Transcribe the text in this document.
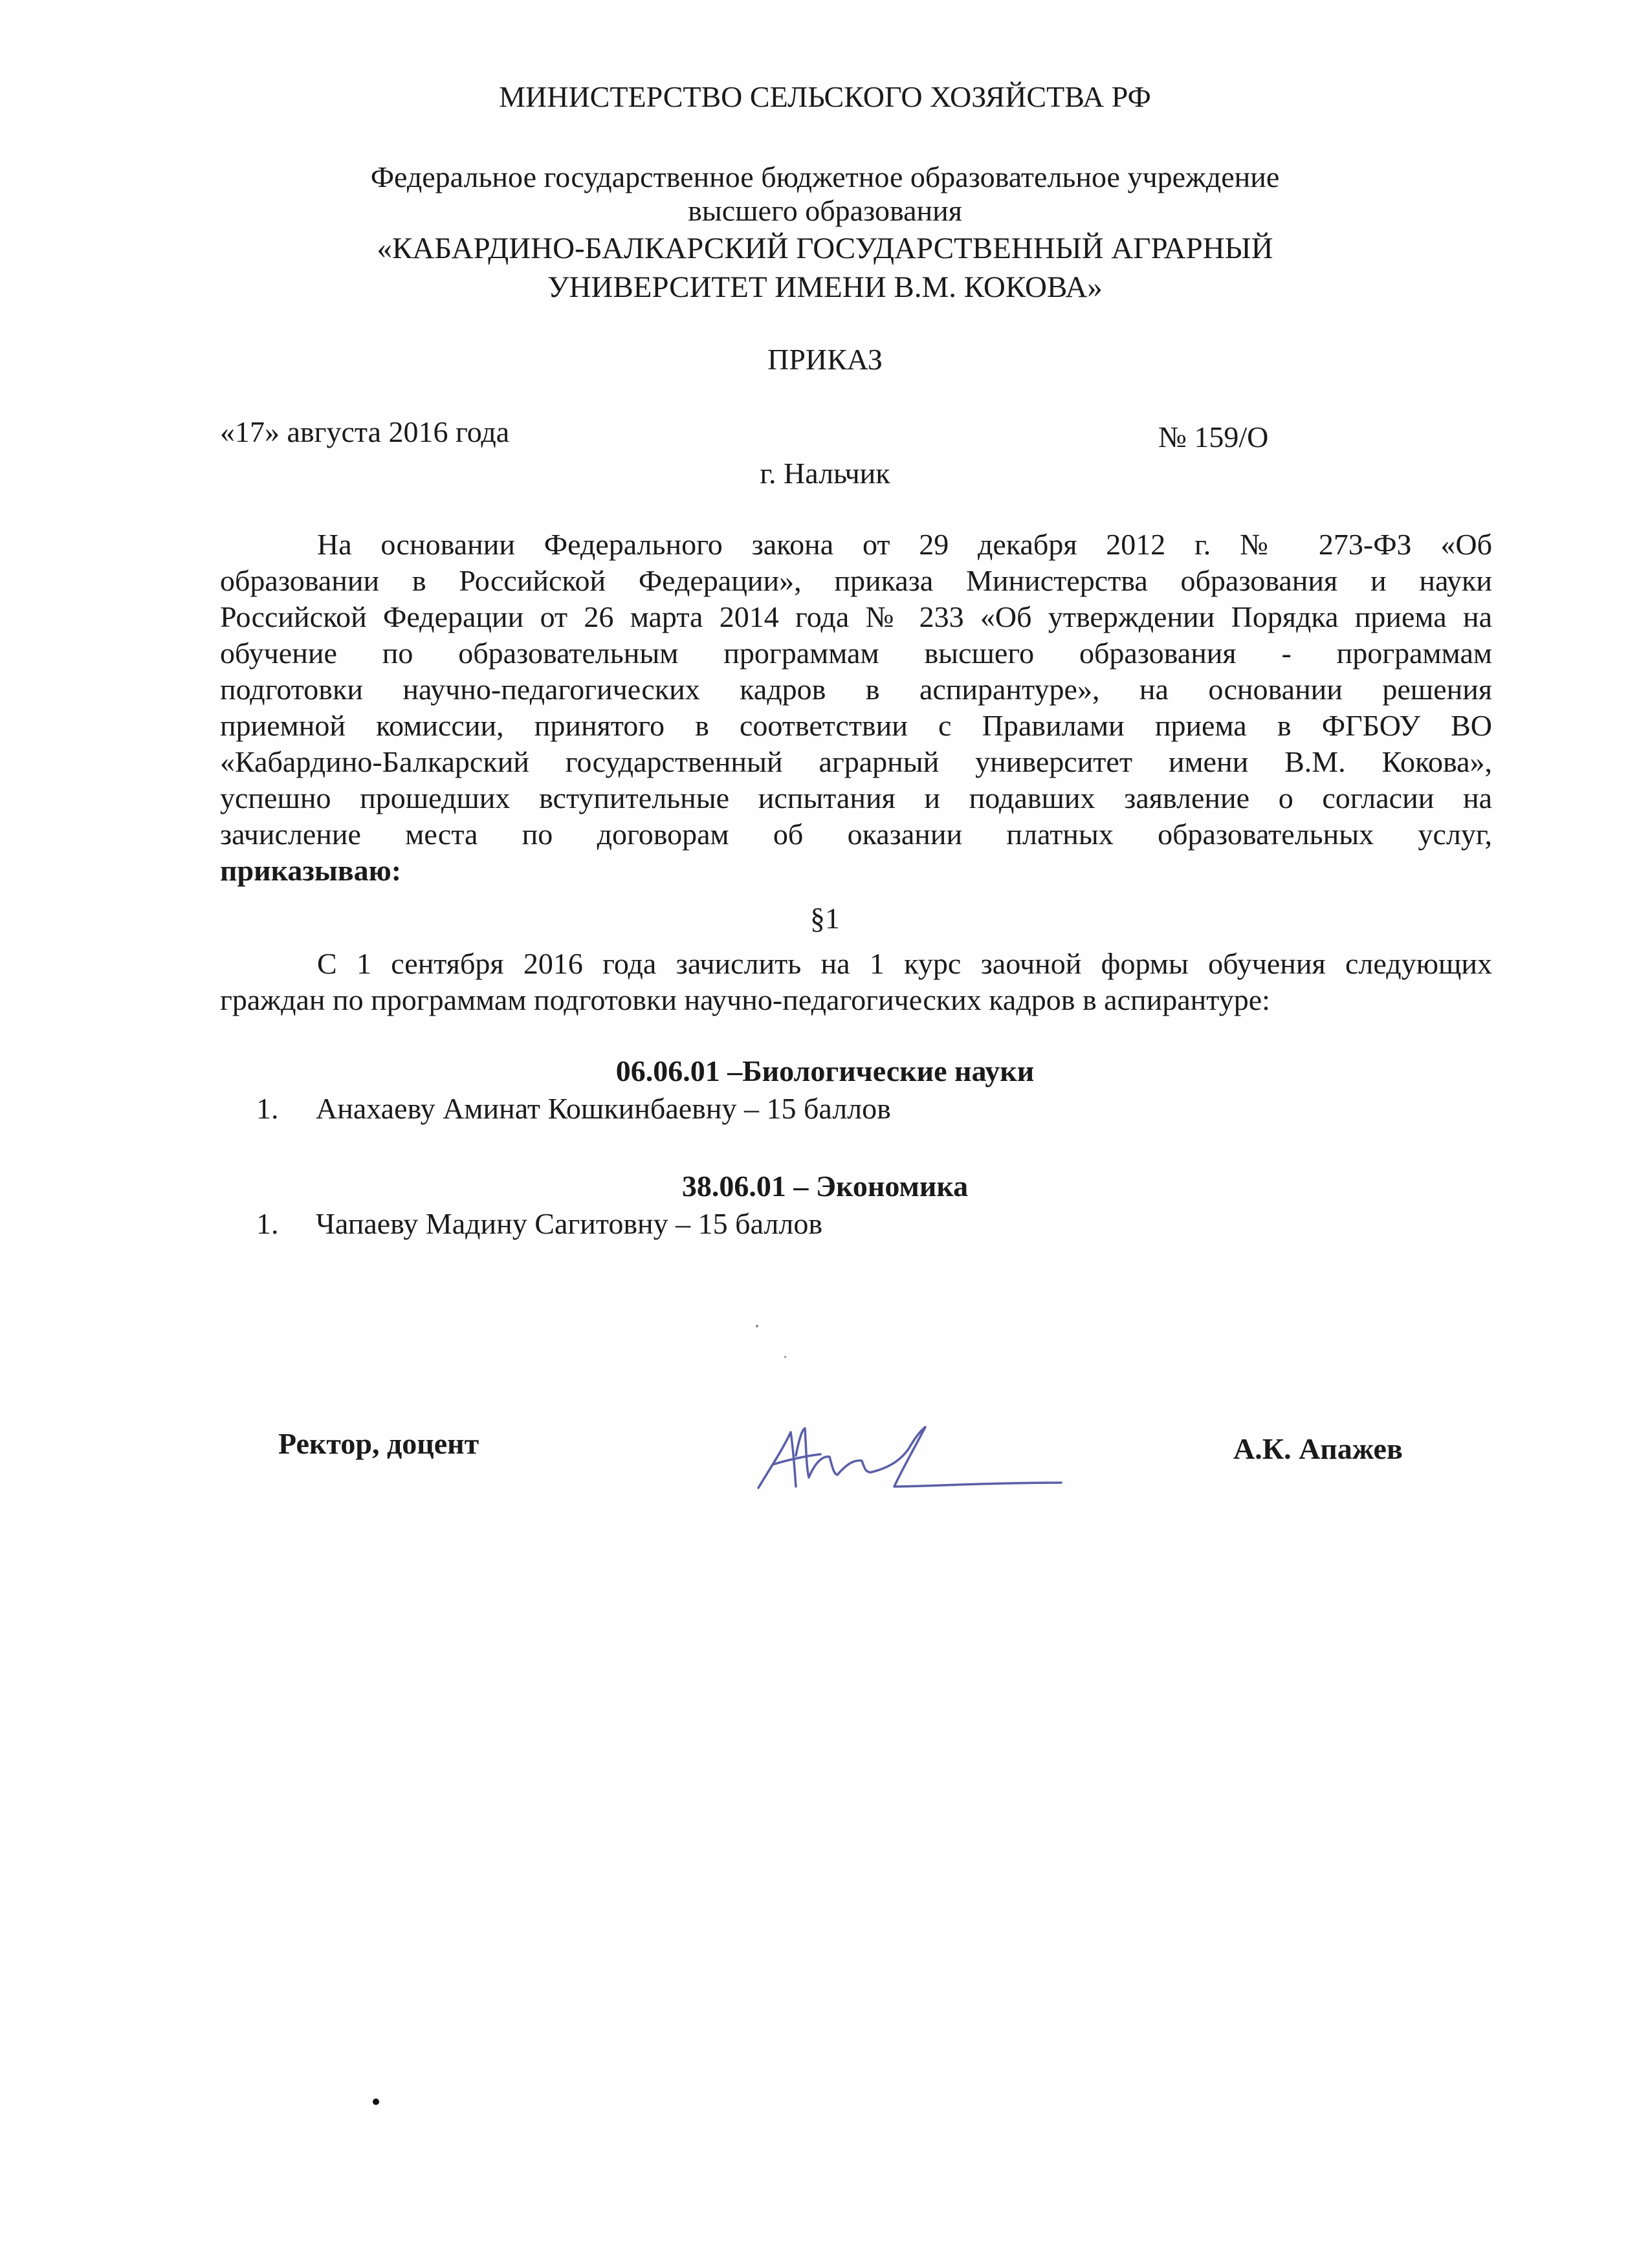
МИНИСТЕРСТВО СЕЛЬСКОГО ХОЗЯЙСТВА РФ
Федеральное государственное бюджетное образовательное учреждение
высшего образования
«КАБАРДИНО-БАЛКАРСКИЙ ГОСУДАРСТВЕННЫЙ АГРАРНЫЙ
УНИВЕРСИТЕТ ИМЕНИ В.М. КОКОВА»
ПРИКАЗ
«17» августа 2016 года	№ 159/О
г. Нальчик
На основании Федерального закона от 29 декабря 2012 г. № 273-ФЗ «Об
образовании в Российской Федерации», приказа Министерства образования и науки
Российской Федерации от 26 марта 2014 года № 233 «Об утверждении Порядка приема на
обучение по образовательным программам высшего образования - программам
подготовки научно-педагогических кадров в аспирантуре», на основании решения
приемной комиссии, принятого в соответствии с Правилами приема в ФГБОУ ВО
«Кабардино-Балкарский государственный аграрный университет имени В.М. Кокова»,
успешно прошедших вступительные испытания и подавших заявление о согласии на
зачисление места по договорам об оказании платных образовательных услуг,
приказываю:
§1
С 1 сентября 2016 года зачислить на 1 курс заочной формы обучения следующих
граждан по программам подготовки научно-педагогических кадров в аспирантуре:
06.06.01 –Биологические науки
1. Анахаеву Аминат Кошкинбаевну – 15 баллов
38.06.01 – Экономика
1. Чапаеву Мадину Сагитовну – 15 баллов
Ректор, доцент	А.К. Апажев
